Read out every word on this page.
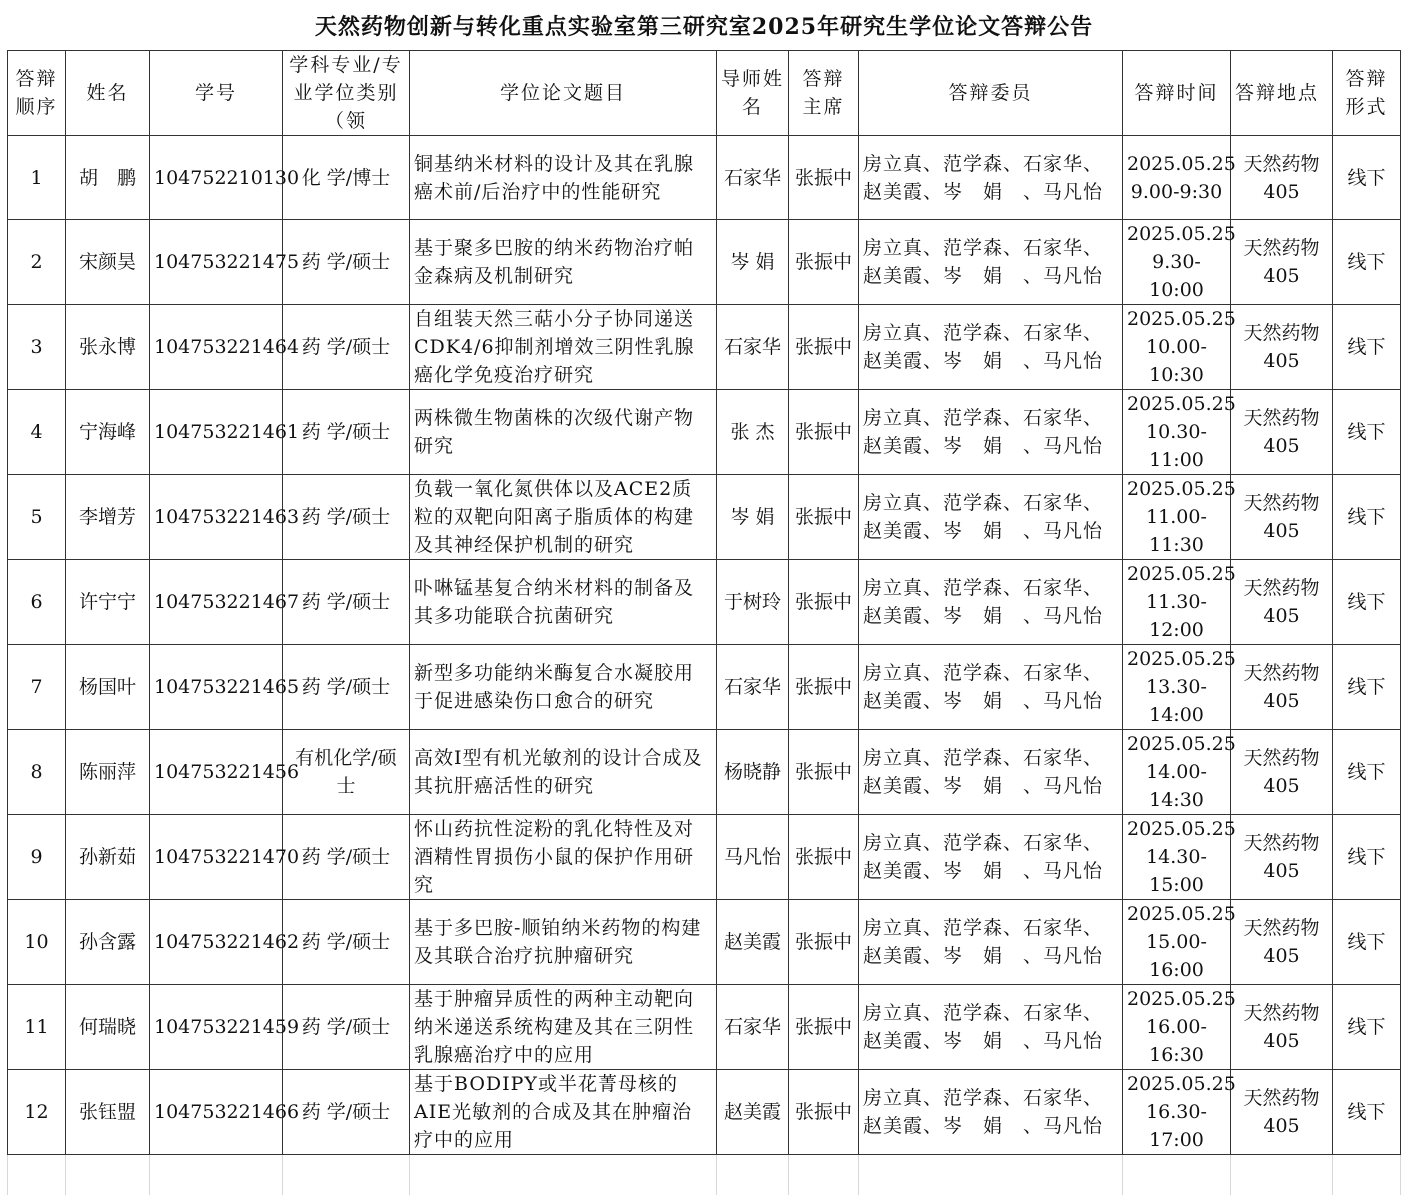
天然药物创新与转化重点实验室第三研究室2025年研究生学位论文答辩公告
答辩顺序	姓名	学号	学科专业/专业学位类别（领	学位论文题目	导师姓名	答辩主席	答辩委员	答辩时间	答辩地点	答辩形式

1	胡　鹏	104752210130	化 学/博士	铜基纳米材料的设计及其在乳腺癌术前/后治疗中的性能研究	石家华	张振中	房立真、范学森、石家华、赵美霞、岑　娟　、马凡怡	2025.05.25 9.00-9:30	天然药物405	线下
2	宋颜昊	104753221475	药 学/硕士	基于聚多巴胺的纳米药物治疗帕金森病及机制研究	岑 娟	张振中	房立真、范学森、石家华、赵美霞、岑　娟　、马凡怡	2025.05.25 9.30-10:00	天然药物405	线下
3	张永博	104753221464	药 学/硕士	自组装天然三萜小分子协同递送CDK4/6抑制剂增效三阴性乳腺癌化学免疫治疗研究	石家华	张振中	房立真、范学森、石家华、赵美霞、岑　娟　、马凡怡	2025.05.25 10.00-10:30	天然药物405	线下
4	宁海峰	104753221461	药 学/硕士	两株微生物菌株的次级代谢产物研究	张 杰	张振中	房立真、范学森、石家华、赵美霞、岑　娟　、马凡怡	2025.05.25 10.30-11:00	天然药物405	线下
5	李增芳	104753221463	药 学/硕士	负载一氧化氮供体以及ACE2质粒的双靶向阳离子脂质体的构建及其神经保护机制的研究	岑 娟	张振中	房立真、范学森、石家华、赵美霞、岑　娟　、马凡怡	2025.05.25 11.00-11:30	天然药物405	线下
6	许宁宁	104753221467	药 学/硕士	卟啉锰基复合纳米材料的制备及其多功能联合抗菌研究	于树玲	张振中	房立真、范学森、石家华、赵美霞、岑　娟　、马凡怡	2025.05.25 11.30-12:00	天然药物405	线下
7	杨国叶	104753221465	药 学/硕士	新型多功能纳米酶复合水凝胶用于促进感染伤口愈合的研究	石家华	张振中	房立真、范学森、石家华、赵美霞、岑　娟　、马凡怡	2025.05.25 13.30-14:00	天然药物405	线下
8	陈丽萍	104753221456	有机化学/硕士	高效I型有机光敏剂的设计合成及其抗肝癌活性的研究	杨晓静	张振中	房立真、范学森、石家华、赵美霞、岑　娟　、马凡怡	2025.05.25 14.00-14:30	天然药物405	线下
9	孙新茹	104753221470	药 学/硕士	怀山药抗性淀粉的乳化特性及对酒精性胃损伤小鼠的保护作用研究	马凡怡	张振中	房立真、范学森、石家华、赵美霞、岑　娟　、马凡怡	2025.05.25 14.30-15:00	天然药物405	线下
10	孙含露	104753221462	药 学/硕士	基于多巴胺-顺铂纳米药物的构建及其联合治疗抗肿瘤研究	赵美霞	张振中	房立真、范学森、石家华、赵美霞、岑　娟　、马凡怡	2025.05.25 15.00-16:00	天然药物405	线下
11	何瑞晓	104753221459	药 学/硕士	基于肿瘤异质性的两种主动靶向纳米递送系统构建及其在三阴性乳腺癌治疗中的应用	石家华	张振中	房立真、范学森、石家华、赵美霞、岑　娟　、马凡怡	2025.05.25 16.00-16:30	天然药物405	线下
12	张钰盟	104753221466	药 学/硕士	基于BODIPY或半花菁母核的AIE光敏剂的合成及其在肿瘤治疗中的应用	赵美霞	张振中	房立真、范学森、石家华、赵美霞、岑　娟　、马凡怡	2025.05.25 16.30-17:00	天然药物405	线下
